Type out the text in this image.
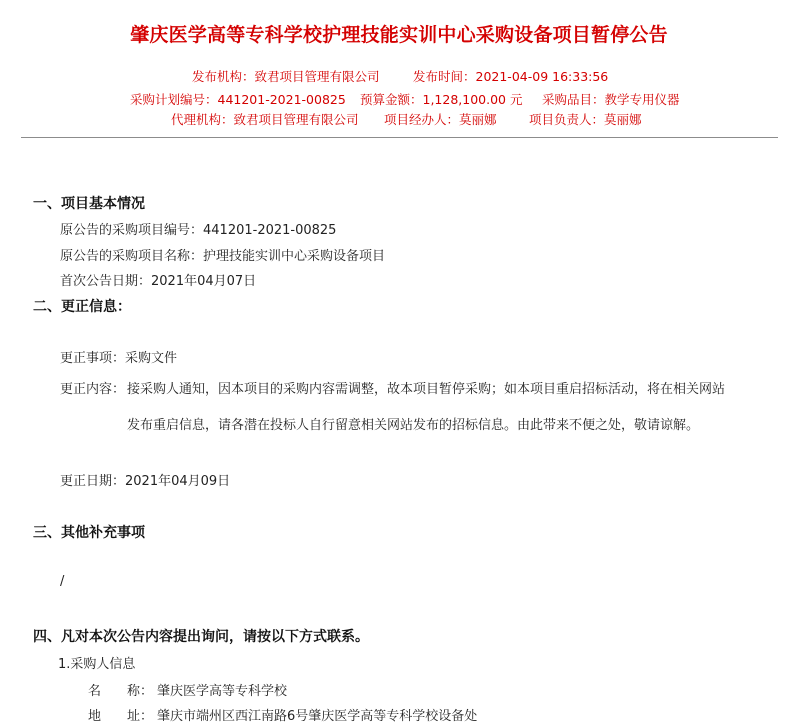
肇庆医学高等专科学校护理技能实训中心采购设备项目暂停公告
发布机构：致君项目管理有限公司	发布时间：2021-04-09 16:33:56
采购计划编号：441201-2021-00825 预算金额：1,128,100.00 元 采购品目：教学专用仪器
代理机构：致君项目管理有限公司 项目经办人：莫丽娜	项目负责人：莫丽娜
一、项目基本情况
原公告的采购项目编号：441201-2021-00825
原公告的采购项目名称：护理技能实训中心采购设备项目
首次公告日期：2021年04月07日
二、更正信息：
更正事项：采购文件
更正内容： 接采购人通知，因本项目的采购内容需调整，故本项目暂停采购；如本项目重启招标活动，将在相关网站
发布重启信息，请各潜在投标人自行留意相关网站发布的招标信息。由此带来不便之处，敬请谅解。
更正日期：2021年04月09日
三、其他补充事项
/
四、凡对本次公告内容提出询问，请按以下方式联系。
1.采购人信息
名　　称： 肇庆医学高等专科学校
地　　址： 肇庆市端州区西江南路6号肇庆医学高等专科学校设备处
